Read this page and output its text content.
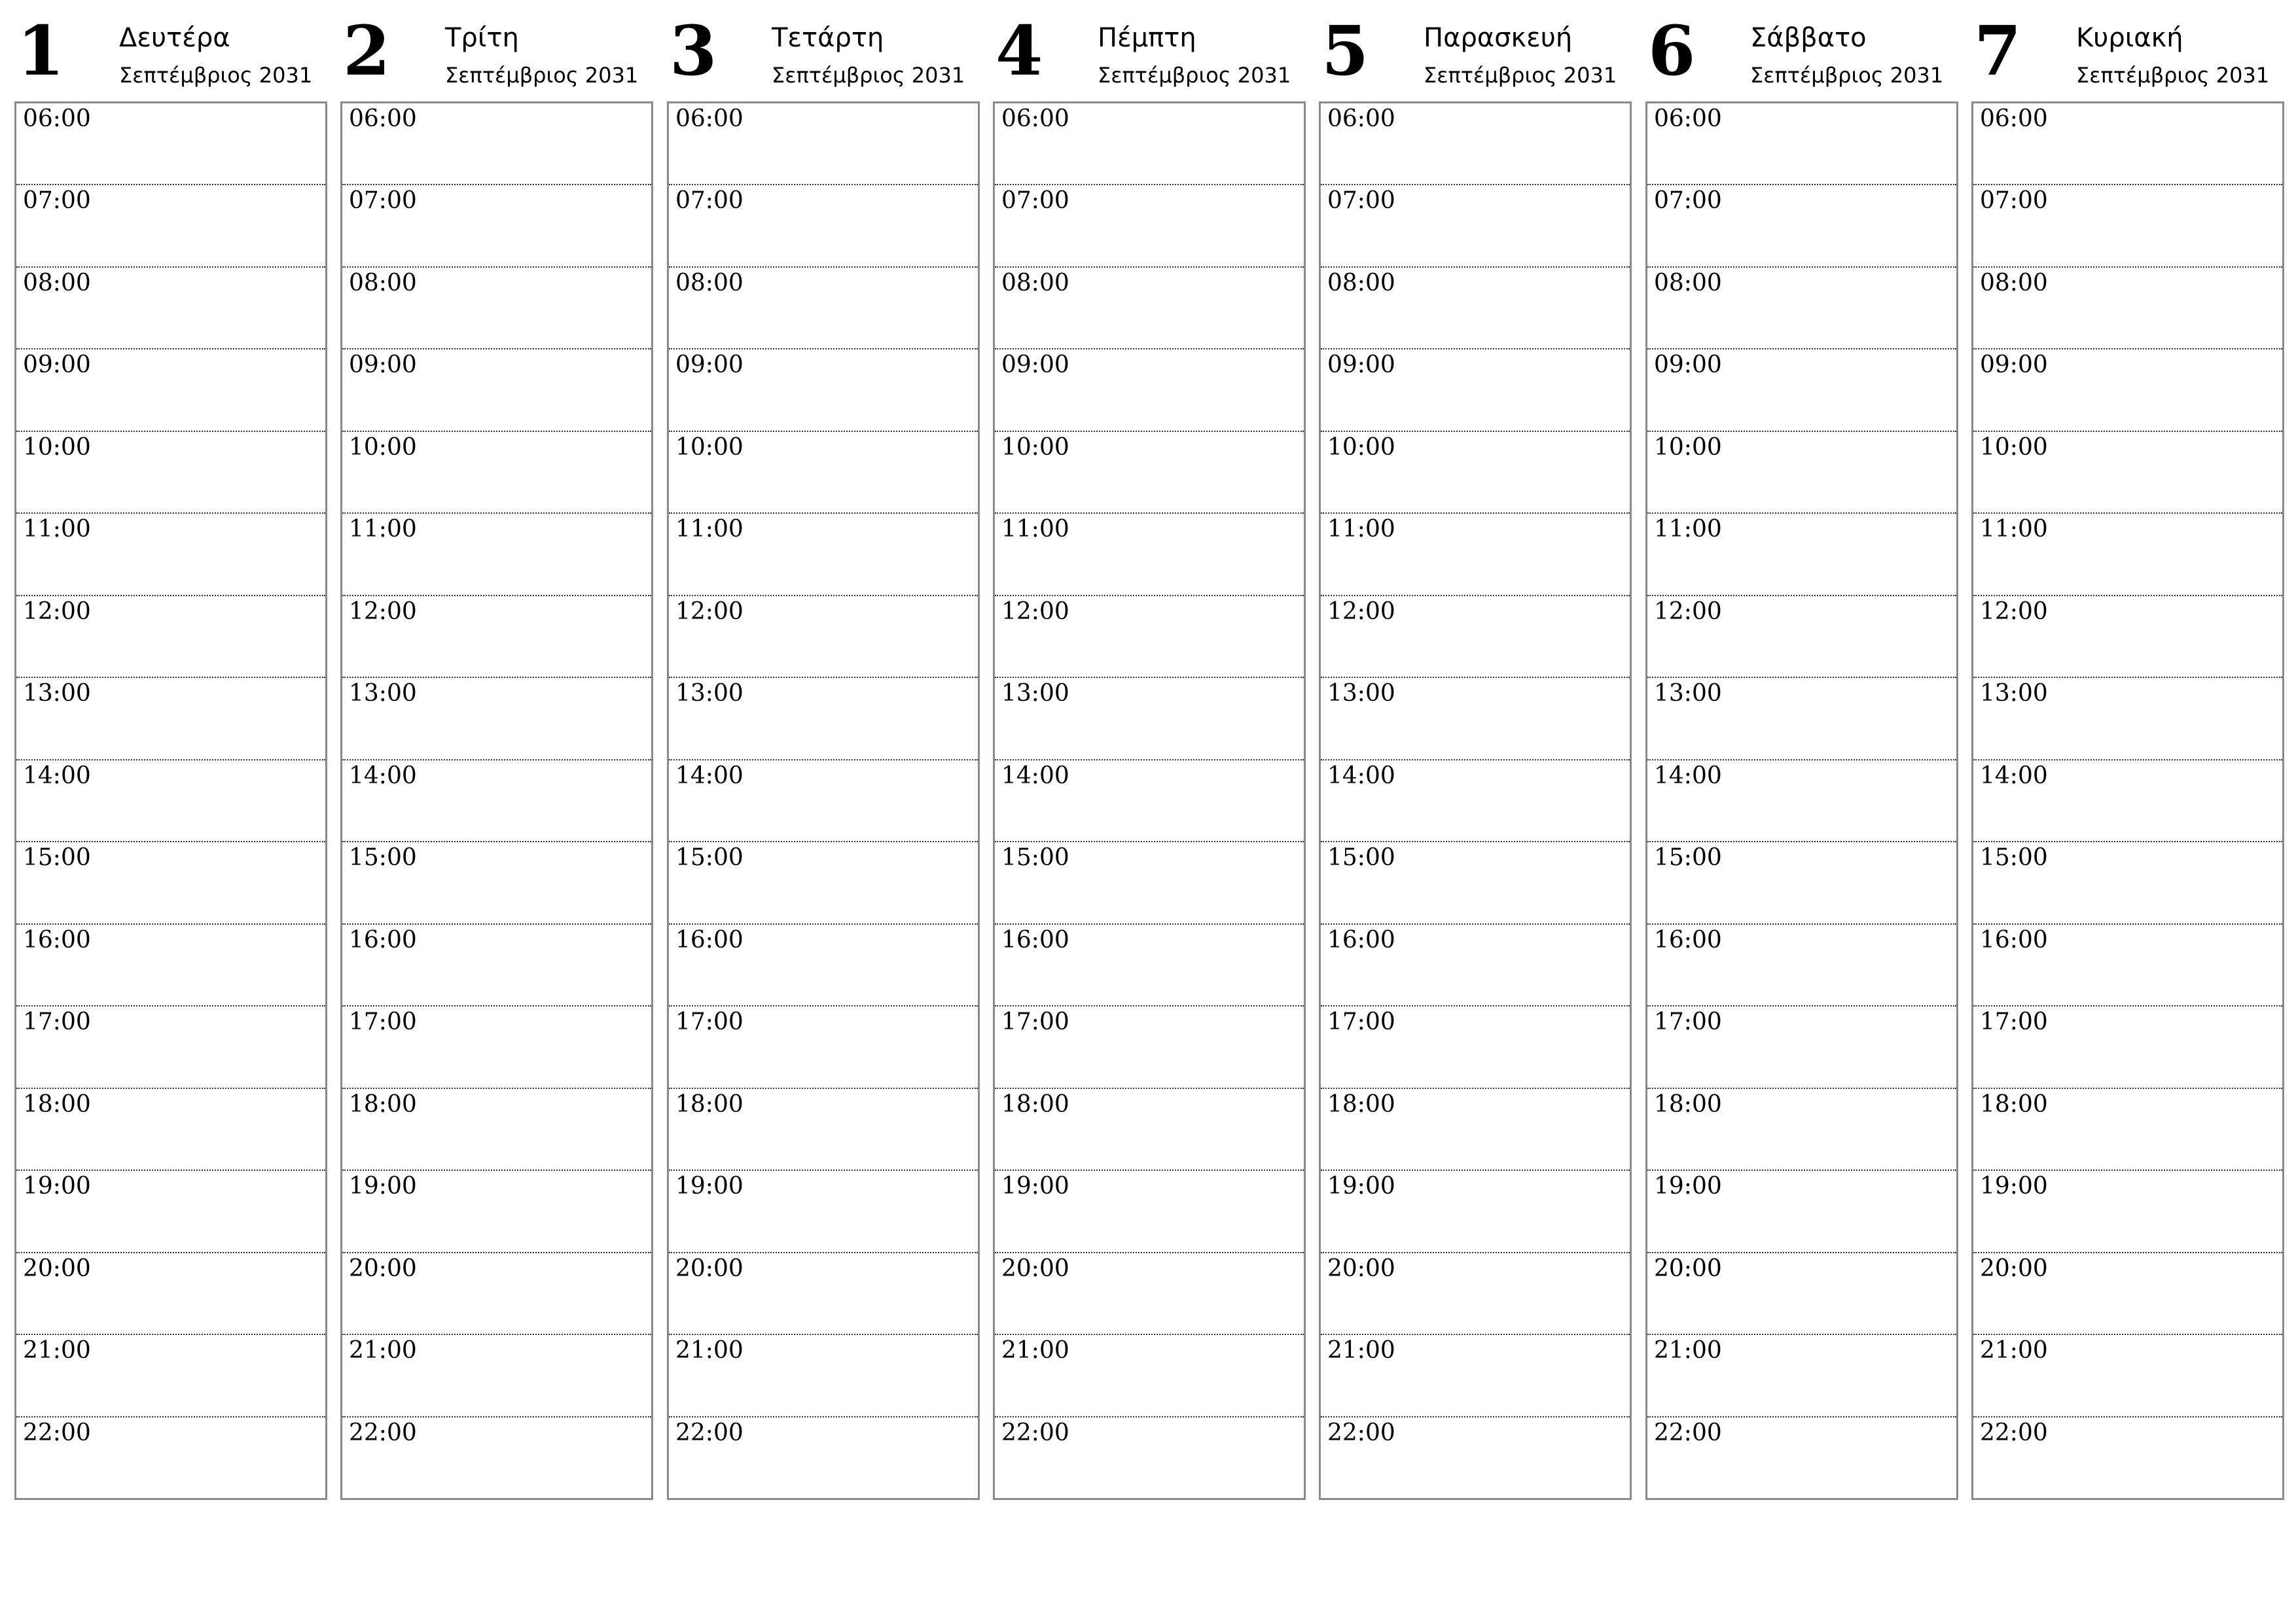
1 Δευτέρα
Σεπτέμβριος 2031
06:00
07:00
08:00
09:00
10:00
11:00
12:00
13:00
14:00
15:00
16:00
17:00
18:00
19:00
20:00
21:00
22:00
2 Τρίτη
Σεπτέμβριος 2031
06:00
07:00
08:00
09:00
10:00
11:00
12:00
13:00
14:00
15:00
16:00
17:00
18:00
19:00
20:00
21:00
22:00
3 Τετάρτη
Σεπτέμβριος 2031
06:00
07:00
08:00
09:00
10:00
11:00
12:00
13:00
14:00
15:00
16:00
17:00
18:00
19:00
20:00
21:00
22:00
4 Πέμπτη
Σεπτέμβριος 2031
06:00
07:00
08:00
09:00
10:00
11:00
12:00
13:00
14:00
15:00
16:00
17:00
18:00
19:00
20:00
21:00
22:00
5 Παρασκευή
Σεπτέμβριος 2031
06:00
07:00
08:00
09:00
10:00
11:00
12:00
13:00
14:00
15:00
16:00
17:00
18:00
19:00
20:00
21:00
22:00
6 Σάββατο
Σεπτέμβριος 2031
06:00
07:00
08:00
09:00
10:00
11:00
12:00
13:00
14:00
15:00
16:00
17:00
18:00
19:00
20:00
21:00
22:00
7 Κυριακή
Σεπτέμβριος 2031
06:00
07:00
08:00
09:00
10:00
11:00
12:00
13:00
14:00
15:00
16:00
17:00
18:00
19:00
20:00
21:00
22:00
